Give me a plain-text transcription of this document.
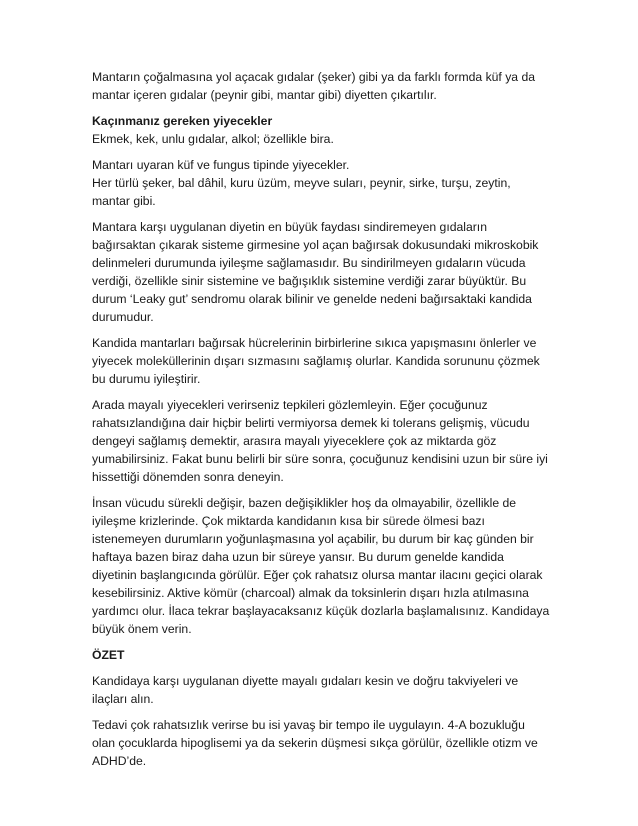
Mantarın çoğalmasına yol açacak gıdalar (şeker) gibi ya da farklı formda küf ya da
mantar içeren gıdalar (peynir gibi, mantar gibi) diyetten çıkartılır.
Kaçınmanız gereken yiyecekler
Ekmek, kek, unlu gıdalar, alkol; özellikle bira.
Mantarı uyaran küf ve fungus tipinde yiyecekler.
Her türlü şeker, bal dâhil, kuru üzüm, meyve suları, peynir, sirke, turşu, zeytin,
mantar gibi.
Mantara karşı uygulanan diyetin en büyük faydası sindiremeyen gıdaların
bağırsaktan çıkarak sisteme girmesine yol açan bağırsak dokusundaki mikroskobik
delinmeleri durumunda iyileşme sağlamasıdır. Bu sindirilmeyen gıdaların vücuda
verdiği, özellikle sinir sistemine ve bağışıklık sistemine verdiği zarar büyüktür. Bu
durum ‘Leaky gut’ sendromu olarak bilinir ve genelde nedeni bağırsaktaki kandida
durumudur.
Kandida mantarları bağırsak hücrelerinin birbirlerine sıkıca yapışmasını önlerler ve
yiyecek moleküllerinin dışarı sızmasını sağlamış olurlar. Kandida sorununu çözmek
bu durumu iyileştirir.
Arada mayalı yiyecekleri verirseniz tepkileri gözlemleyin. Eğer çocuğunuz
rahatsızlandığına dair hiçbir belirti vermiyorsa demek ki tolerans gelişmiş, vücudu
dengeyi sağlamış demektir, arasıra mayalı yiyeceklere çok az miktarda göz
yumabilirsiniz. Fakat bunu belirli bir süre sonra, çocuğunuz kendisini uzun bir süre iyi
hissettiği dönemden sonra deneyin.
İnsan vücudu sürekli değişir, bazen değişiklikler hoş da olmayabilir, özellikle de
iyileşme krizlerinde. Çok miktarda kandidanın kısa bir sürede ölmesi bazı
istenemeyen durumların yoğunlaşmasına yol açabilir, bu durum bir kaç günden bir
haftaya bazen biraz daha uzun bir süreye yansır. Bu durum genelde kandida
diyetinin başlangıcında görülür. Eğer çok rahatsız olursa mantar ilacını geçici olarak
kesebilirsiniz. Aktive kömür (charcoal) almak da toksinlerin dışarı hızla atılmasına
yardımcı olur. İlaca tekrar başlayacaksanız küçük dozlarla başlamalısınız. Kandidaya
büyük önem verin.
ÖZET
Kandidaya karşı uygulanan diyette mayalı gıdaları kesin ve doğru takviyeleri ve
ilaçları alın.
Tedavi çok rahatsızlık verirse bu isi yavaş bir tempo ile uygulayın. 4-A bozukluğu
olan çocuklarda hipoglisemi ya da sekerin düşmesi sıkça görülür, özellikle otizm ve
ADHD’de.
